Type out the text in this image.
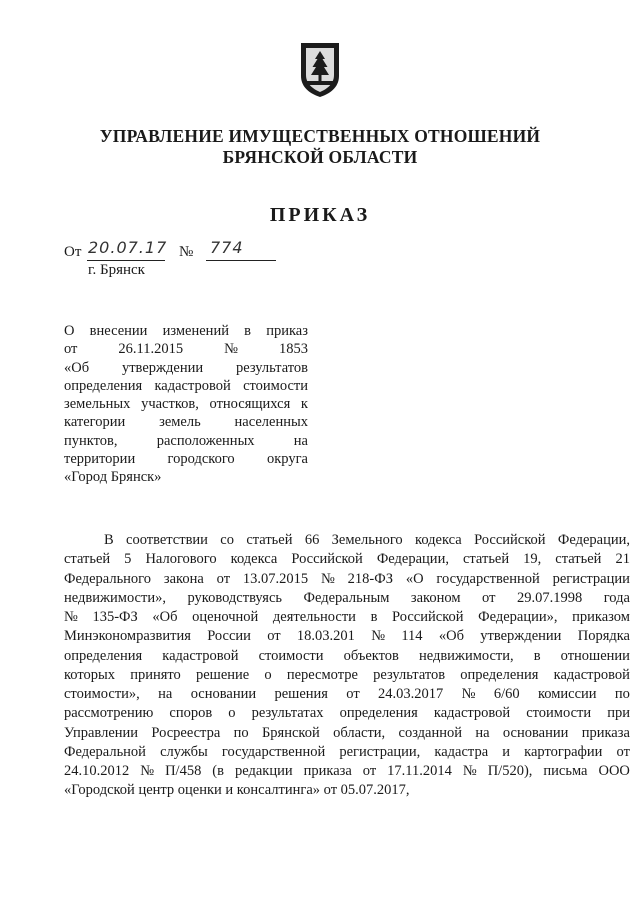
УПРАВЛЕНИЕ ИМУЩЕСТВЕННЫХ ОТНОШЕНИЙ
БРЯНСКОЙ ОБЛАСТИ
ПРИКАЗ
От 20.07.17 № 774
г. Брянск
О внесении изменений в приказ
от	26.11.2015	№	1853
«Об утверждении результатов
определения кадастровой стоимости
земельных участков, относящихся к
категории земель населенных
пунктов,	расположенных	на
территории городского округа
«Город Брянск»
В соответствии со статьей 66 Земельного кодекса Российской Федерации,
статьей 5 Налогового кодекса Российской Федерации, статьей 19, статьей 21
Федерального закона от 13.07.2015 № 218-ФЗ «О государственной регистрации
недвижимости», руководствуясь Федеральным законом от 29.07.1998 года
№ 135-ФЗ «Об оценочной деятельности в Российской Федерации», приказом
Минэкономразвития России от 18.03.201 № 114 «Об утверждении Порядка
определения кадастровой стоимости объектов недвижимости, в отношении
которых принято решение о пересмотре результатов определения кадастровой
стоимости», на основании решения от 24.03.2017 № 6/60 комиссии по
рассмотрению споров о результатах определения кадастровой стоимости при
Управлении Росреестра по Брянской области, созданной на основании приказа
Федеральной службы государственной регистрации, кадастра и картографии от
24.10.2012 № П/458 (в редакции приказа от 17.11.2014 № П/520), письма ООО
«Городской центр оценки и консалтинга» от 05.07.2017,
